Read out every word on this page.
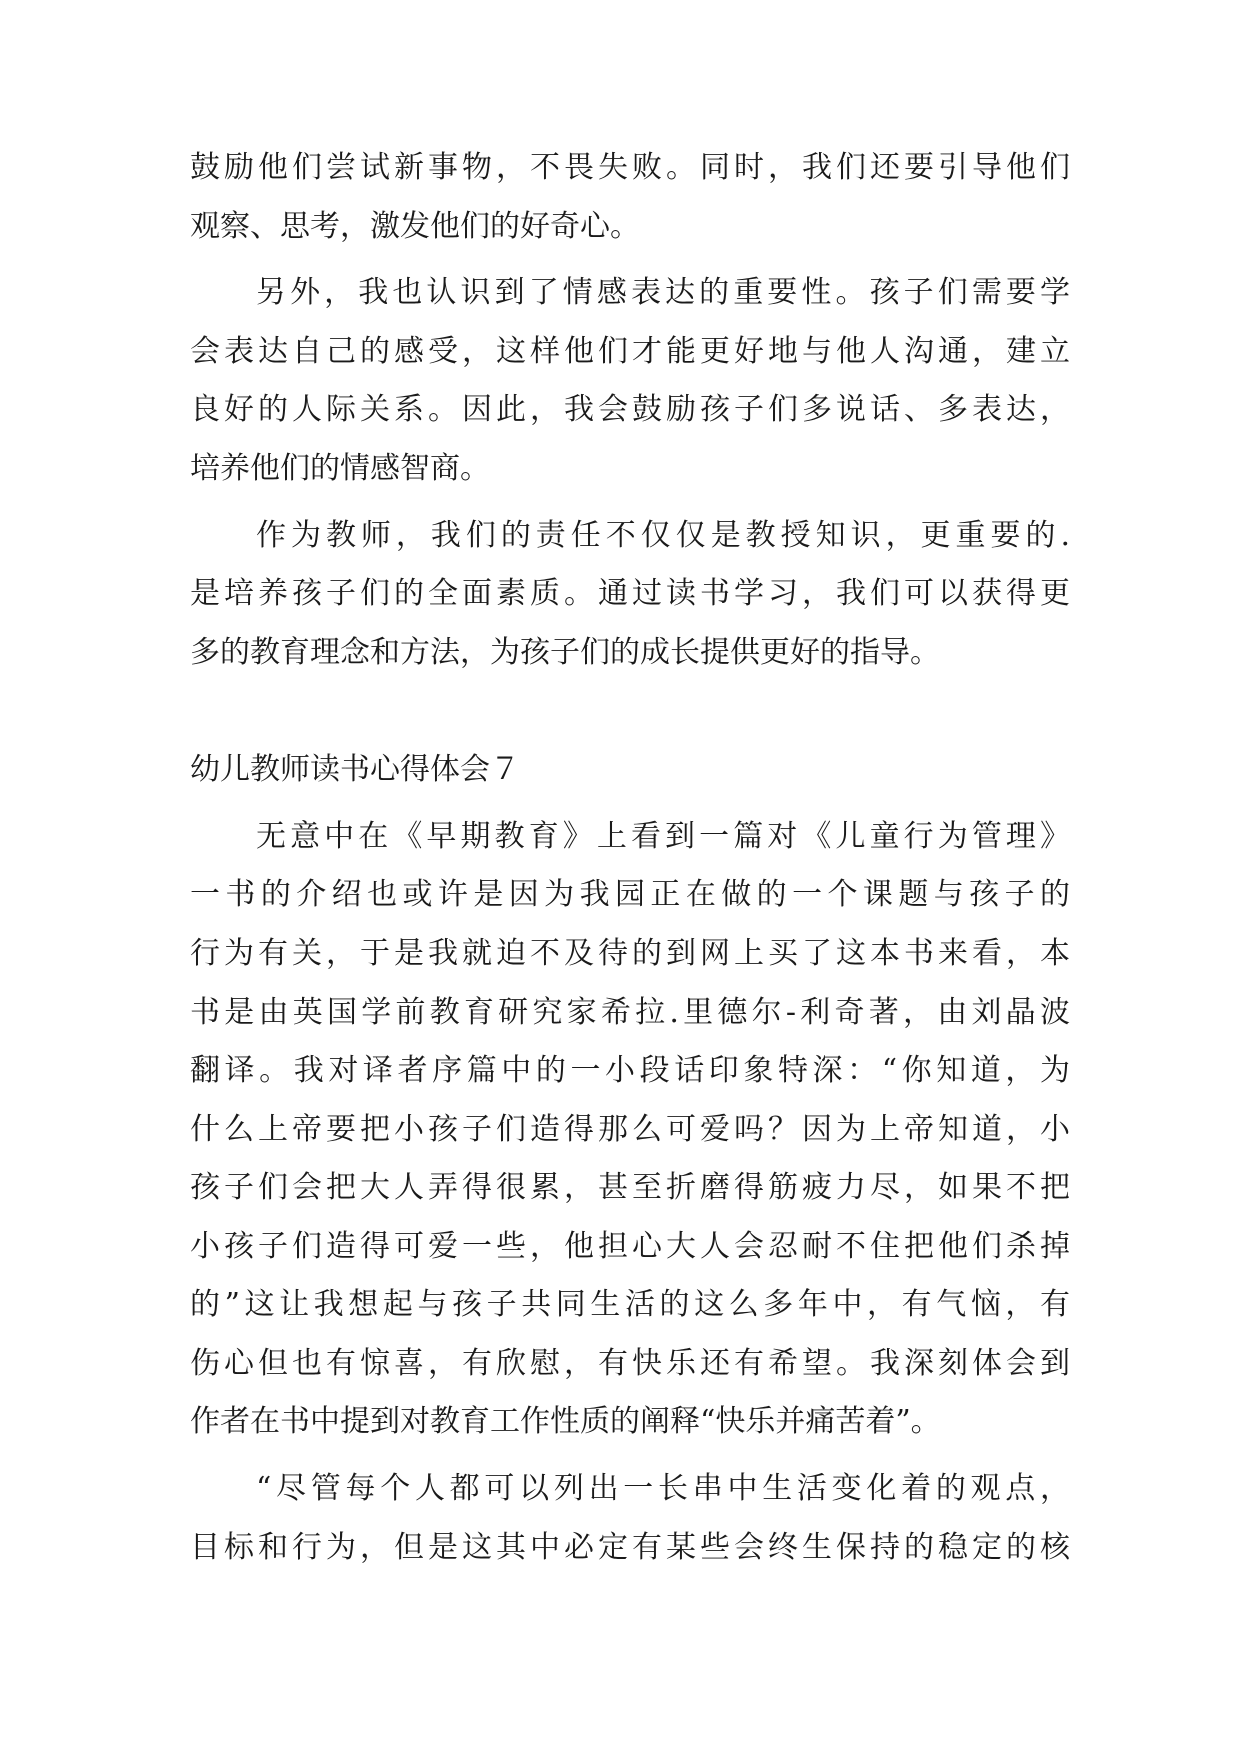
鼓励他们尝试新事物，不畏失败。同时，我们还要引导他们
观察、思考，激发他们的好奇心。
另外，我也认识到了情感表达的重要性。孩子们需要学
会表达自己的感受，这样他们才能更好地与他人沟通，建立
良好的人际关系。因此，我会鼓励孩子们多说话、多表达，
培养他们的情感智商。
作为教师，我们的责任不仅仅是教授知识，更重要的.
是培养孩子们的全面素质。通过读书学习，我们可以获得更
多的教育理念和方法，为孩子们的成长提供更好的指导。
幼儿教师读书心得体会７
无意中在《早期教育》上看到一篇对《儿童行为管理》
一书的介绍也或许是因为我园正在做的一个课题与孩子的
行为有关，于是我就迫不及待的到网上买了这本书来看，本
书是由英国学前教育研究家希拉.里德尔-利奇著，由刘晶波
翻译。我对译者序篇中的一小段话印象特深：“你知道，为
什么上帝要把小孩子们造得那么可爱吗？因为上帝知道，小
孩子们会把大人弄得很累，甚至折磨得筋疲力尽，如果不把
小孩子们造得可爱一些，他担心大人会忍耐不住把他们杀掉
的”这让我想起与孩子共同生活的这么多年中，有气恼，有
伤心但也有惊喜，有欣慰，有快乐还有希望。我深刻体会到
作者在书中提到对教育工作性质的阐释“快乐并痛苦着”。
“尽管每个人都可以列出一长串中生活变化着的观点，
目标和行为，但是这其中必定有某些会终生保持的稳定的核
